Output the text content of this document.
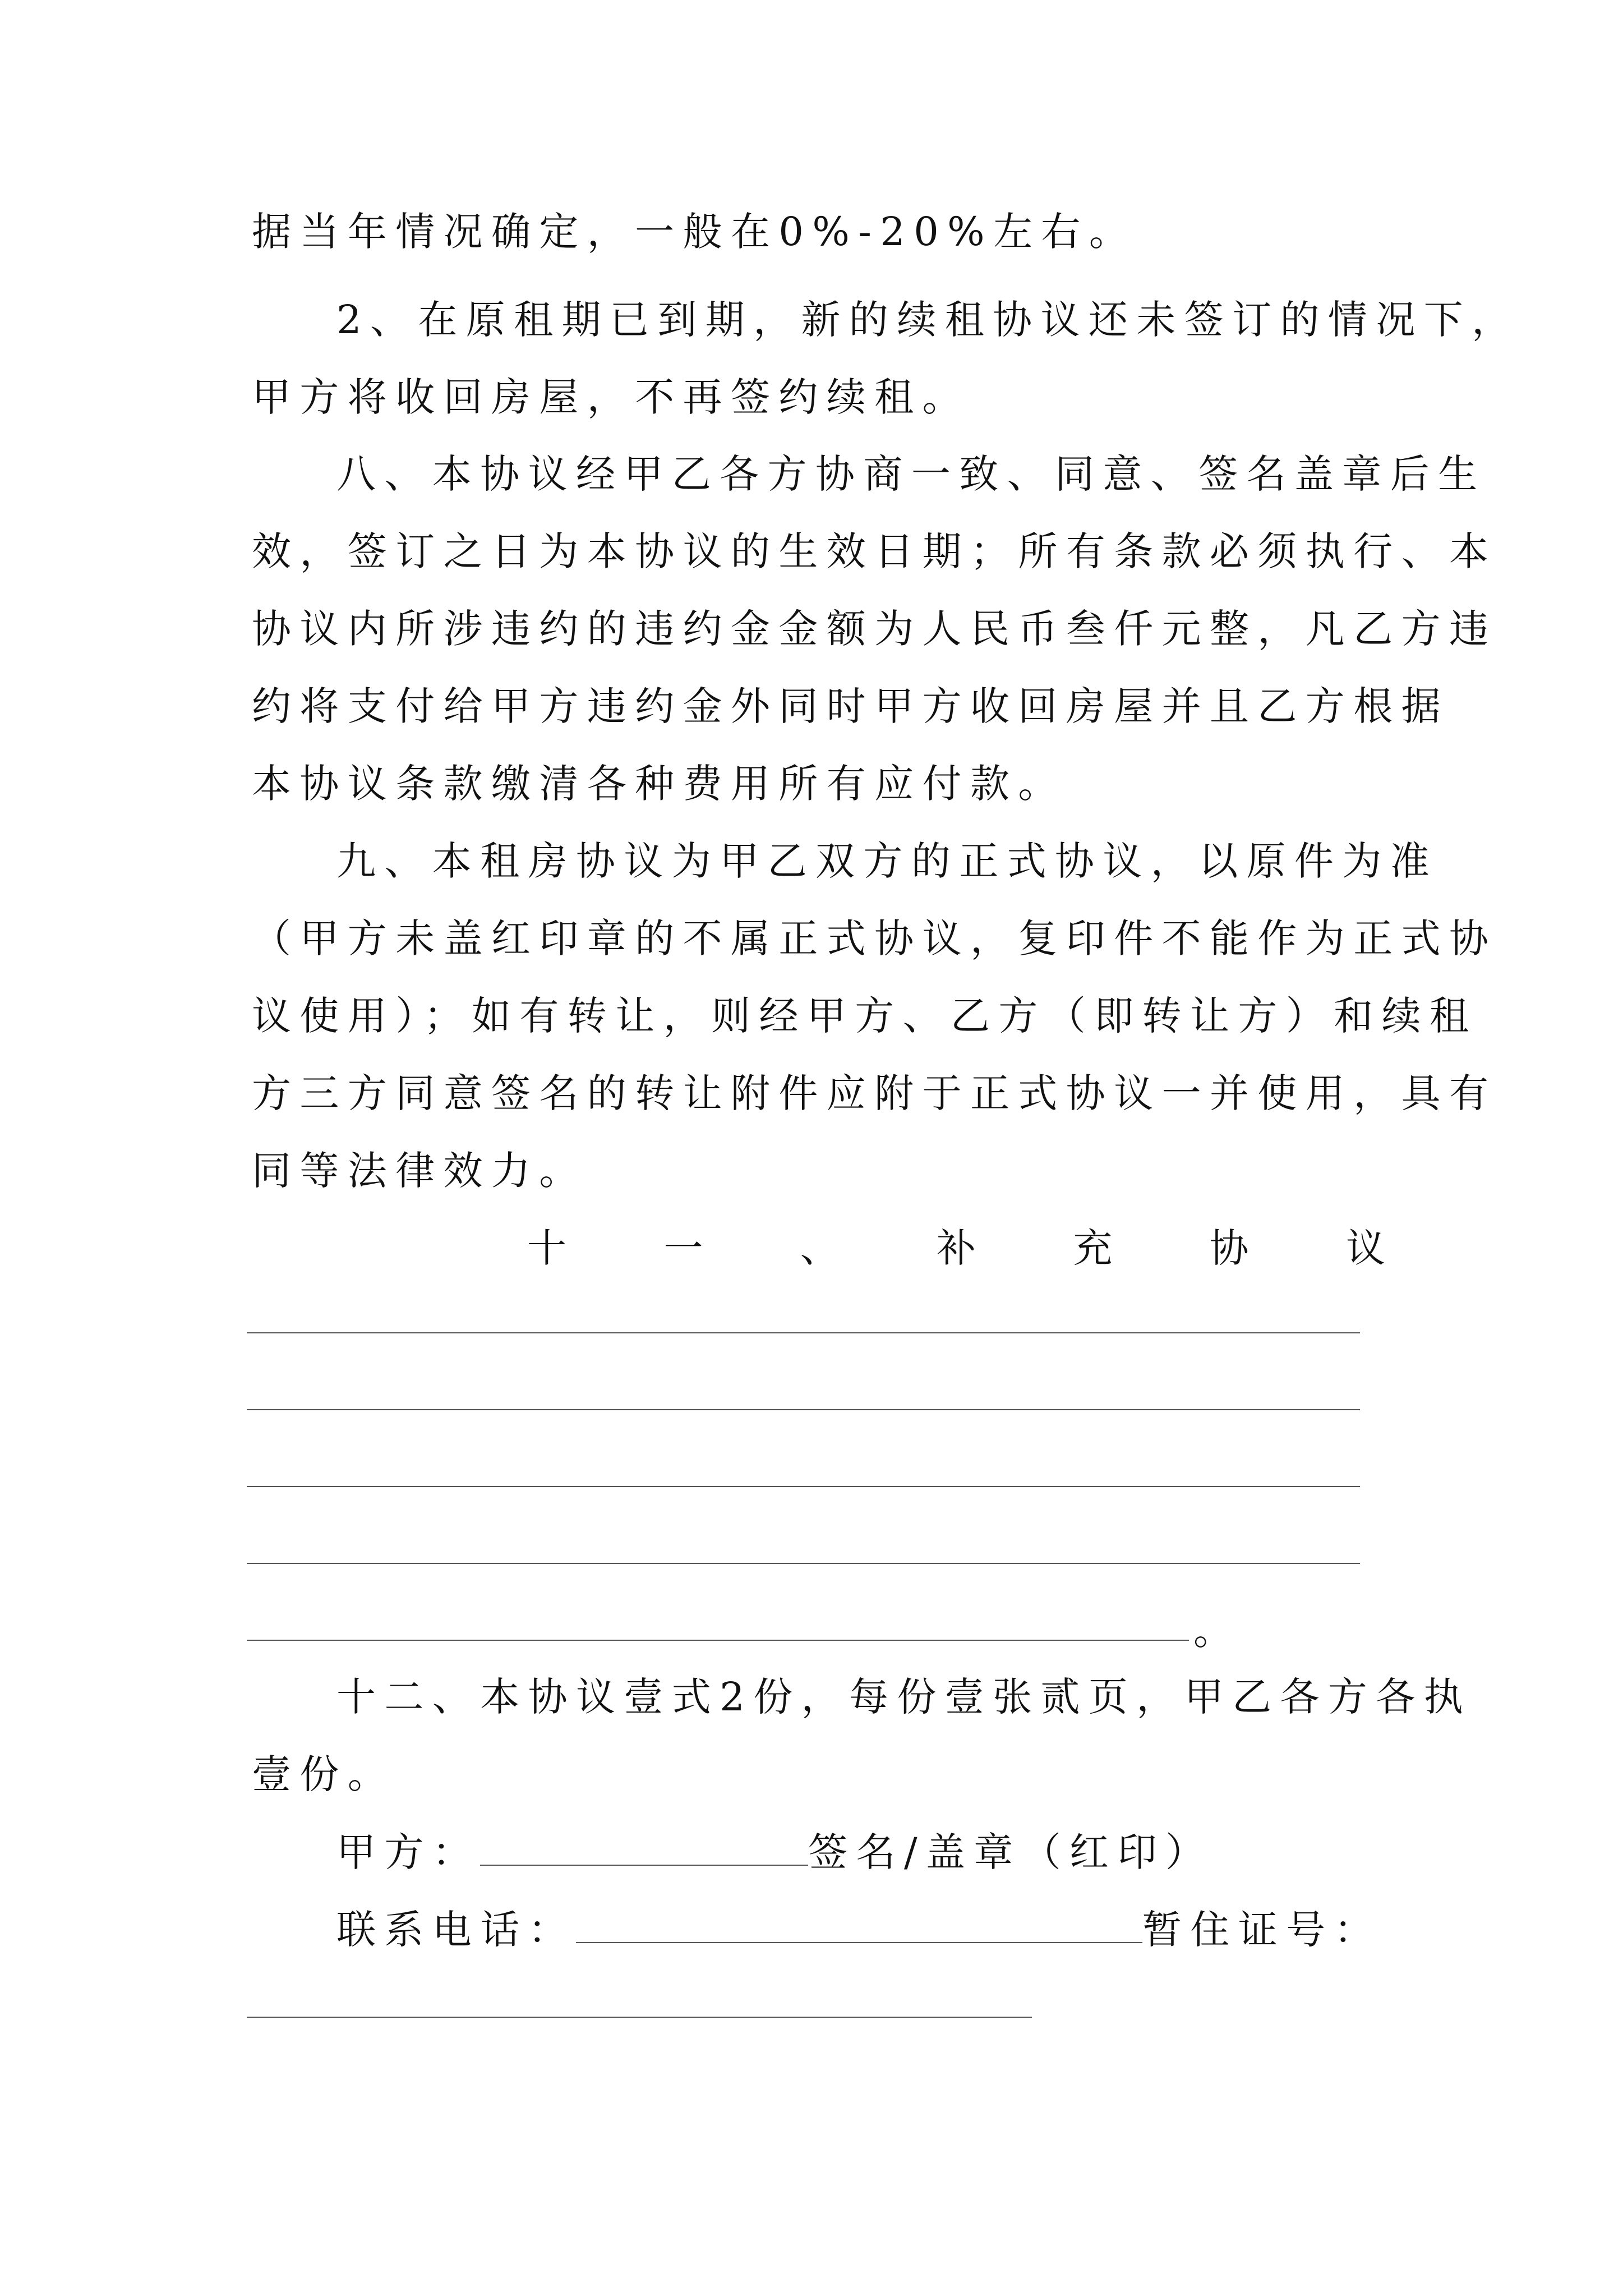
据当年情况确定，一般在0%-20%左右。
2、在原租期已到期，新的续租协议还未签订的情况下，
甲方将收回房屋，不再签约续租。
八、本协议经甲乙各方协商一致、同意、签名盖章后生
效，签订之日为本协议的生效日期；所有条款必须执行、本
协议内所涉违约的违约金金额为人民币叁仟元整，凡乙方违
约将支付给甲方违约金外同时甲方收回房屋并且乙方根据
本协议条款缴清各种费用所有应付款。
九、本租房协议为甲乙双方的正式协议，以原件为准
（甲方未盖红印章的不属正式协议，复印件不能作为正式协
议使用）；如有转让，则经甲方、乙方（即转让方）和续租
方三方同意签名的转让附件应附于正式协议一并使用，具有
同等法律效力。
十 一 、 补 充 协 议
。
十二、本协议壹式2份，每份壹张贰页，甲乙各方各执
壹份。
甲方：	签名/盖章（红印）
联系电话：	暂住证号：
